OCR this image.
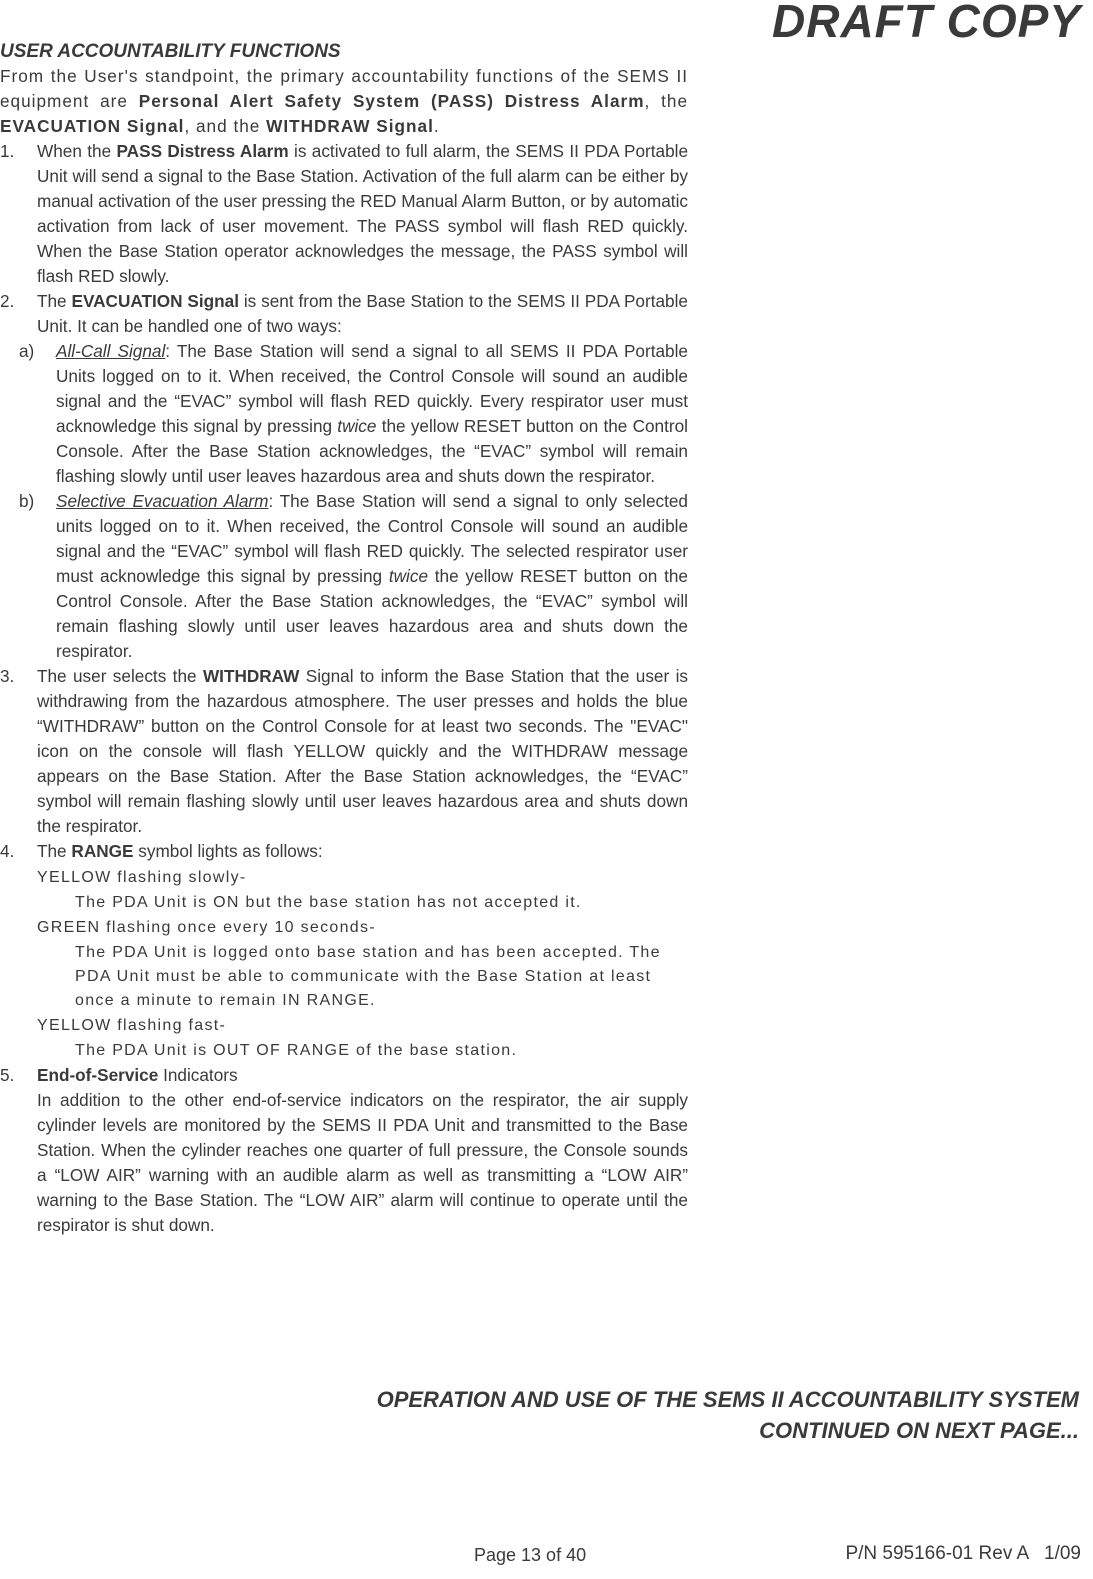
DRAFT COPY
USER ACCOUNTABILITY FUNCTIONS

From the User's standpoint, the primary accountability functions of the SEMS II equipment are Personal Alert Safety System (PASS) Distress Alarm, the EVACUATION Signal, and the WITHDRAW Signal.

1. When the PASS Distress Alarm is activated to full alarm, the SEMS II PDA Portable Unit will send a signal to the Base Station. Activation of the full alarm can be either by manual activation of the user pressing the RED Manual Alarm Button, or by automatic activation from lack of user movement. The PASS symbol will flash RED quickly. When the Base Station operator acknowledges the message, the PASS symbol will flash RED slowly.

2. The EVACUATION Signal is sent from the Base Station to the SEMS II PDA Portable Unit. It can be handled one of two ways:

a) All-Call Signal: The Base Station will send a signal to all SEMS II PDA Portable Units logged on to it. When received, the Control Console will sound an audible signal and the “EVAC” symbol will flash RED quickly. Every respirator user must acknowledge this signal by pressing twice the yellow RESET button on the Control Console. After the Base Station acknowledges, the “EVAC” symbol will remain flashing slowly until user leaves hazardous area and shuts down the respirator.

b) Selective Evacuation Alarm: The Base Station will send a signal to only selected units logged on to it. When received, the Control Console will sound an audible signal and the “EVAC” symbol will flash RED quickly. The selected respirator user must acknowledge this signal by pressing twice the yellow RESET button on the Control Console. After the Base Station acknowledges, the “EVAC” symbol will remain flashing slowly until user leaves hazardous area and shuts down the respirator.

3. The user selects the WITHDRAW Signal to inform the Base Station that the user is withdrawing from the hazardous atmosphere. The user presses and holds the blue “WITHDRAW” button on the Control Console for at least two seconds. The "EVAC" icon on the console will flash YELLOW quickly and the WITHDRAW message appears on the Base Station. After the Base Station acknowledges, the “EVAC” symbol will remain flashing slowly until user leaves hazardous area and shuts down the respirator.

4. The RANGE symbol lights as follows:

YELLOW flashing slowly-
The PDA Unit is ON but the base station has not accepted it.
GREEN flashing once every 10 seconds-
The PDA Unit is logged onto base station and has been accepted. The PDA Unit must be able to communicate with the Base Station at least once a minute to remain IN RANGE.
YELLOW flashing fast-
The PDA Unit is OUT OF RANGE of the base station.

5. End-of-Service Indicators

In addition to the other end-of-service indicators on the respirator, the air supply cylinder levels are monitored by the SEMS II PDA Unit and transmitted to the Base Station. When the cylinder reaches one quarter of full pressure, the Console sounds a “LOW AIR” warning with an audible alarm as well as transmitting a “LOW AIR” warning to the Base Station. The “LOW AIR” alarm will continue to operate until the respirator is shut down.

OPERATION AND USE OF THE SEMS II ACCOUNTABILITY SYSTEM
CONTINUED ON NEXT PAGE...
Page 13 of 40	P/N 595166-01 Rev A   1/09
